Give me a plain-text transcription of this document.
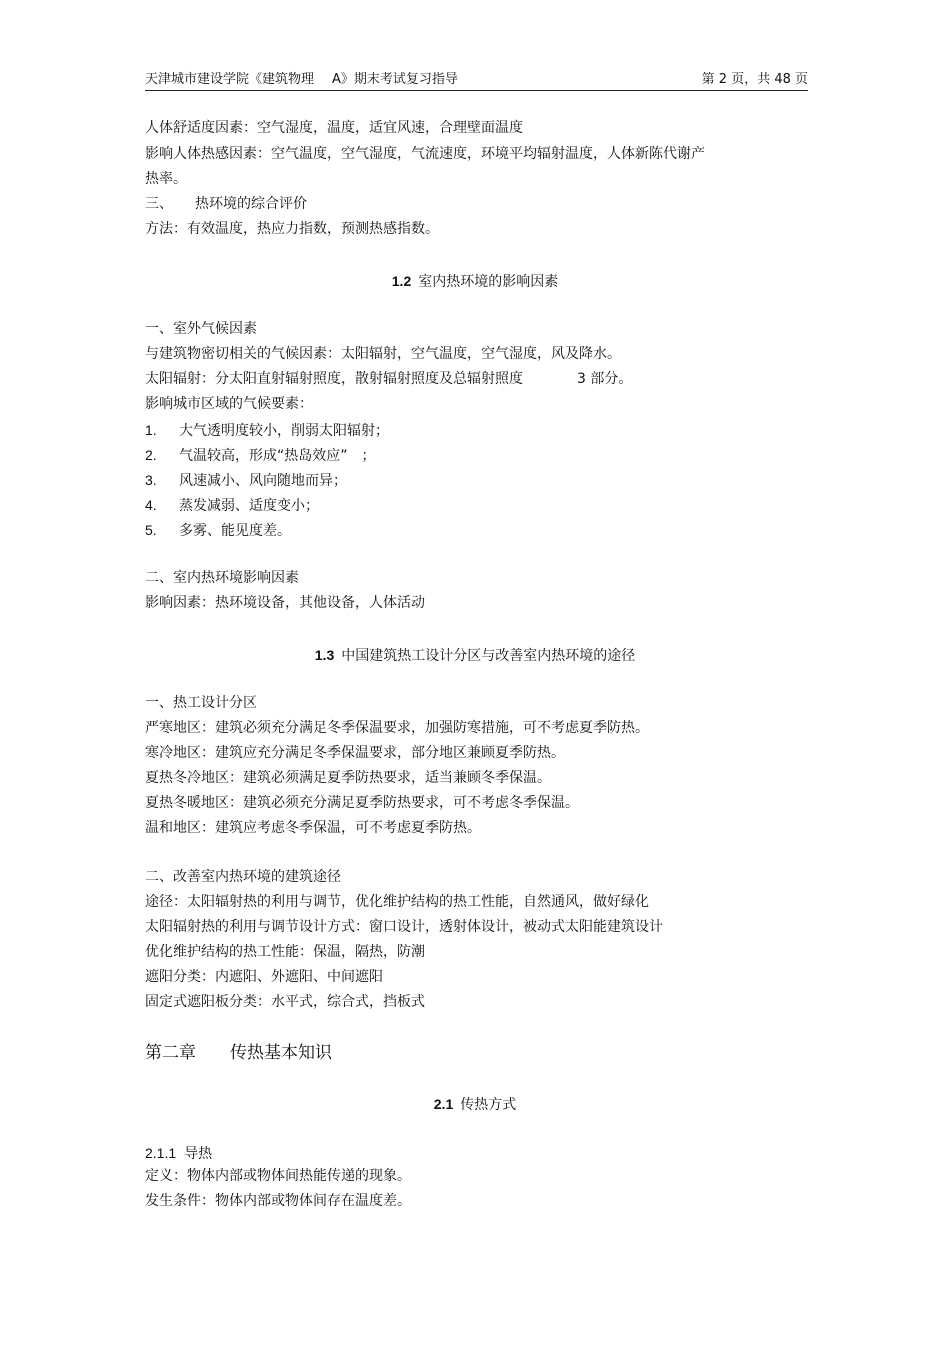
天津城市建设学院《建筑物理 A》期末考试复习指导	第 2 页，共 48 页
人体舒适度因素：空气湿度，温度，适宜风速，合理壁面温度
影响人体热感因素：空气温度，空气湿度，气流速度，环境平均辐射温度，人体新陈代谢产
热率。
三、 热环境的综合评价
方法：有效温度，热应力指数，预测热感指数。
1.2 室内热环境的影响因素
一、室外气候因素
与建筑物密切相关的气候因素：太阳辐射，空气温度，空气湿度，风及降水。
太阳辐射：分太阳直射辐射照度，散射辐射照度及总辐射照度	3 部分。
影响城市区域的气候要素：
1. 大气透明度较小，削弱太阳辐射；
2. 气温较高，形成“热岛效应”　；
3. 风速减小、风向随地而异；
4. 蒸发减弱、适度变小；
5. 多雾、能见度差。
二、室内热环境影响因素
影响因素：热环境设备，其他设备，人体活动
1.3 中国建筑热工设计分区与改善室内热环境的途径
一、热工设计分区
严寒地区：建筑必须充分满足冬季保温要求，加强防寒措施，可不考虑夏季防热。
寒冷地区：建筑应充分满足冬季保温要求，部分地区兼顾夏季防热。
夏热冬冷地区：建筑必须满足夏季防热要求，适当兼顾冬季保温。
夏热冬暖地区：建筑必须充分满足夏季防热要求，可不考虑冬季保温。
温和地区：建筑应考虑冬季保温，可不考虑夏季防热。
二、改善室内热环境的建筑途径
途径：太阳辐射热的利用与调节，优化维护结构的热工性能，自然通风，做好绿化
太阳辐射热的利用与调节设计方式：窗口设计，透射体设计，被动式太阳能建筑设计
优化维护结构的热工性能：保温，隔热，防潮
遮阳分类：内遮阳、外遮阳、中间遮阳
固定式遮阳板分类：水平式，综合式，挡板式
第二章 传热基本知识
2.1 传热方式
2.1.1 导热
定义：物体内部或物体间热能传递的现象。
发生条件：物体内部或物体间存在温度差。
